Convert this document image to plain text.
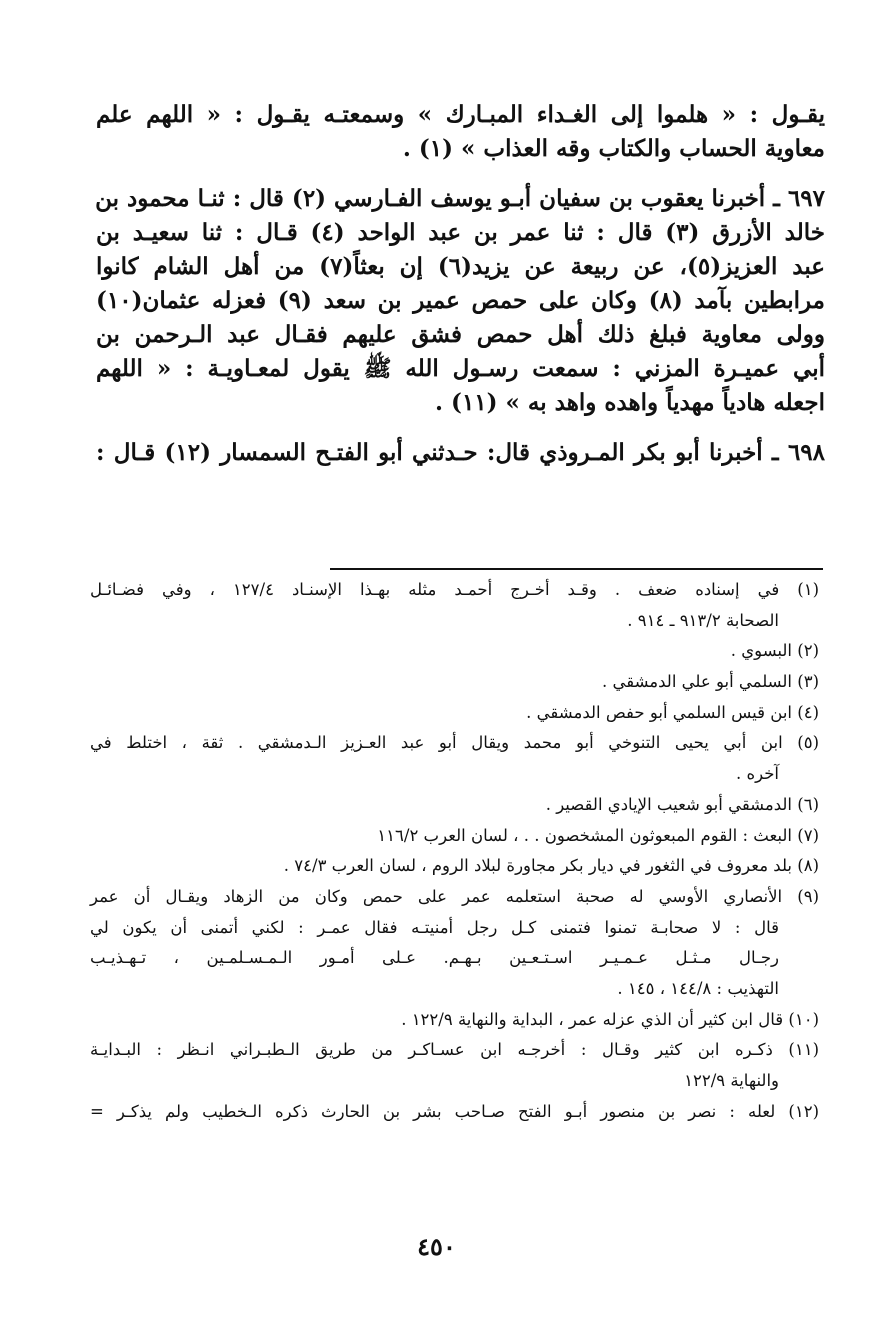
يقـول : « هلموا إلى الغـداء المبـارك » وسمعتـه يقـول : « اللهم علم
معاوية الحساب والكتاب وقه العذاب » (١) .
٦٩٧ ـ أخبرنا يعقوب بن سفيان أبـو يوسف الفـارسي (٢) قال : ثنـا محمود بن
خالد الأزرق (٣) قال : ثنا عمر بن عبد الواحد (٤) قـال : ثنا سعيـد بن
عبد العزيز(٥)، عن ربيعة عن يزيد(٦) إن بعثاً(٧) من أهل الشام كانوا
مرابطين بآمد (٨) وكان على حمص عمير بن سعد (٩) فعزله عثمان(١٠)
وولى معاوية فبلغ ذلك أهل حمص فشق عليهم فقـال عبد الـرحمن بن
أبي عميـرة المزني : سمعت رسـول الله ﷺ يقول لمعـاويـة : « اللهم
اجعله هادياً مهدياً واهده واهد به » (١١) .
٦٩٨ ـ أخبرنا أبو بكر المـروذي قال: حـدثني أبو الفتـح السمسار (١٢) قـال :
(١) في إسناده ضعف . وقـد أخـرج أحمـد مثله بهـذا الإسنـاد ١٢٧/٤ ، وفي فضـائـل
الصحابة ٩١٣/٢ ـ ٩١٤ .
(٢) البسوي .
(٣) السلمي أبو علي الدمشقي .
(٤) ابن قيس السلمي أبو حفص الدمشقي .
(٥) ابن أبي يحيى التنوخي أبو محمد ويقال أبو عبد العـزيز الـدمشقي . ثقة ، اختلط في
آخره .
(٦) الدمشقي أبو شعيب الإيادي القصير .
(٧) البعث : القوم المبعوثون المشخصون . . ، لسان العرب ١١٦/٢
(٨) بلد معروف في الثغور في ديار بكر مجاورة لبلاد الروم ، لسان العرب ٧٤/٣ .
(٩) الأنصاري الأوسي له صحبة استعلمه عمر على حمص وكان من الزهاد ويقـال أن عمر
قال : لا صحابـة تمنوا فتمنى كـل رجل أمنيتـه فقال عمـر : لكني أتمنى أن يكون لي
رجـال مـثـل عـمـيـر اسـتـعـين بـهـم. عـلى أمـور الـمـسـلمـين ، تـهـذيـب
التهذيب : ١٤٤/٨ ، ١٤٥ .
(١٠) قال ابن كثير أن الذي عزله عمر ، البداية والنهاية ١٢٢/٩ .
(١١) ذكـره ابن كثير وقـال : أخرجـه ابن عسـاكـر من طريق الـطبـراني انـظر : البـدايـة
والنهاية ١٢٢/٩
(١٢) لعله : نصر بن منصور أبـو الفتح صـاحب بشر بن الحارث ذكره الـخطيب ولم يذكـر =
٤٥٠
